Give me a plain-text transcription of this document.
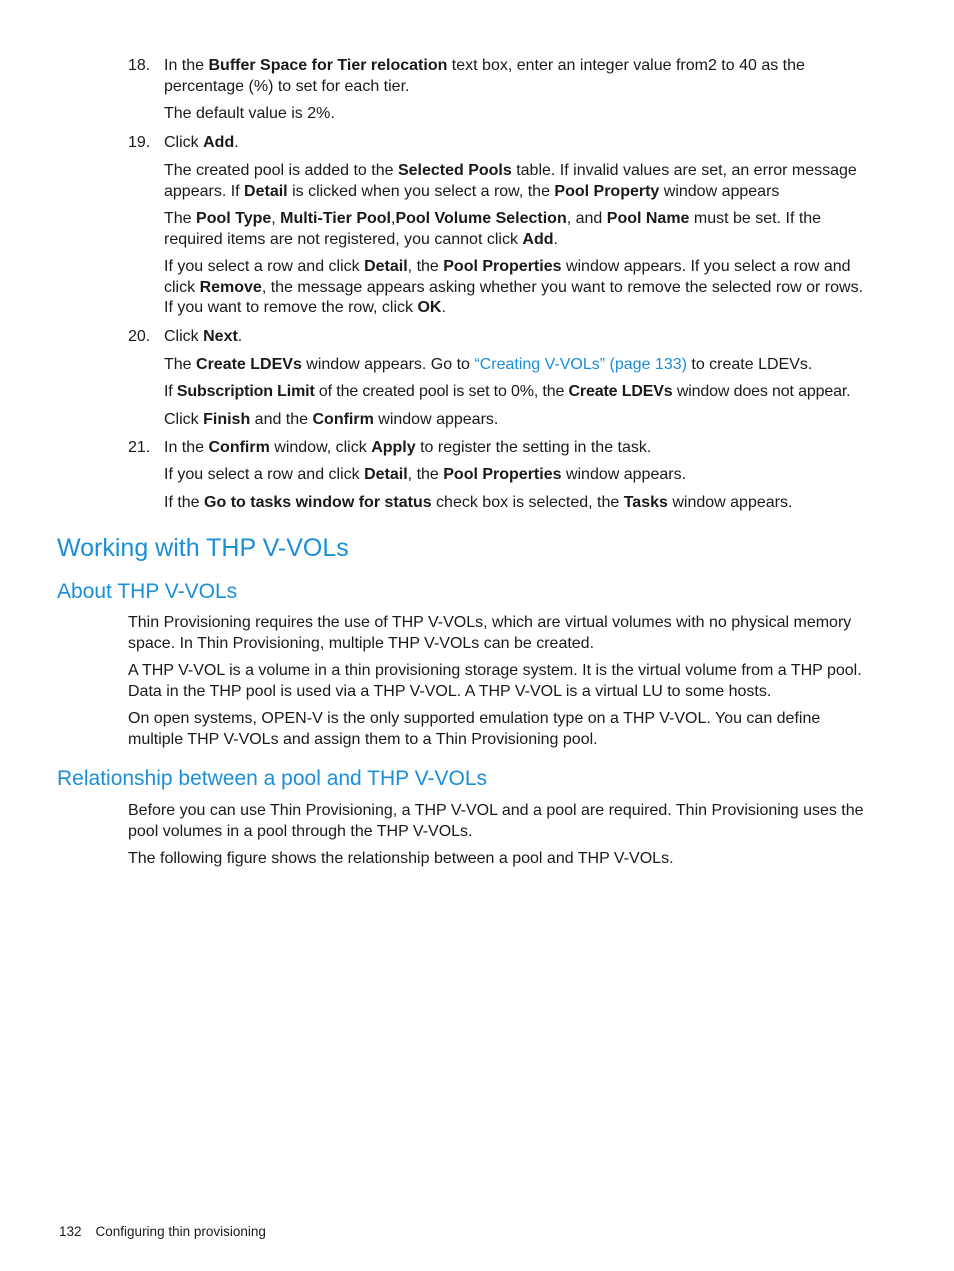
18. In the Buffer Space for Tier relocation text box, enter an integer value from2 to 40 as the percentage (%) to set for each tier.

The default value is 2%.

19. Click Add.

The created pool is added to the Selected Pools table. If invalid values are set, an error message appears. If Detail is clicked when you select a row, the Pool Property window appears

The Pool Type, Multi-Tier Pool,Pool Volume Selection, and Pool Name must be set. If the required items are not registered, you cannot click Add.

If you select a row and click Detail, the Pool Properties window appears. If you select a row and click Remove, the message appears asking whether you want to remove the selected row or rows. If you want to remove the row, click OK.

20. Click Next.

The Create LDEVs window appears. Go to “Creating V-VOLs” (page 133) to create LDEVs.

If Subscription Limit of the created pool is set to 0%, the Create LDEVs window does not appear.

Click Finish and the Confirm window appears.

21. In the Confirm window, click Apply to register the setting in the task.

If you select a row and click Detail, the Pool Properties window appears.

If the Go to tasks window for status check box is selected, the Tasks window appears.

Working with THP V-VOLs
About THP V-VOLs

Thin Provisioning requires the use of THP V-VOLs, which are virtual volumes with no physical memory space. In Thin Provisioning, multiple THP V-VOLs can be created.

A THP V-VOL is a volume in a thin provisioning storage system. It is the virtual volume from a THP pool. Data in the THP pool is used via a THP V-VOL. A THP V-VOL is a virtual LU to some hosts.

On open systems, OPEN-V is the only supported emulation type on a THP V-VOL. You can define multiple THP V-VOLs and assign them to a Thin Provisioning pool.

Relationship between a pool and THP V-VOLs

Before you can use Thin Provisioning, a THP V-VOL and a pool are required. Thin Provisioning uses the pool volumes in a pool through the THP V-VOLs.

The following figure shows the relationship between a pool and THP V-VOLs.

132 Configuring thin provisioning
